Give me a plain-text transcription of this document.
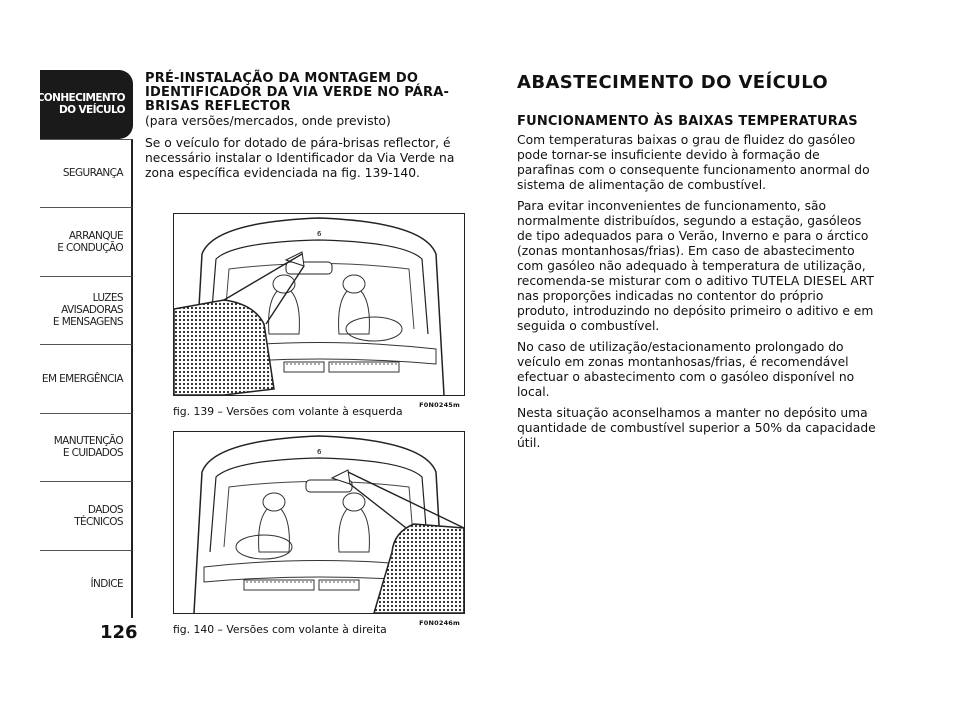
CONHECIMENTO
DO VEÍCULO
SEGURANÇA
ARRANQUE
E CONDUÇÃO
LUZES
AVISADORAS
E MENSAGENS
EM EMERGÊNCIA
MANUTENÇÃO
E CUIDADOS
DADOS
TÉCNICOS
ÍNDICE
126

PRÉ-INSTALAÇÃO DA MONTAGEM DO IDENTIFICADOR DA VIA VERDE NO PÁRA-BRISAS REFLECTOR

(para versões/mercados, onde previsto)

Se o veículo for dotado de pára-brisas reflector, é necessário instalar o Identificador da Via Verde na zona específica evidenciada na fig. 139-140.

6
F0N0245m
fig. 139 – Versões com volante à esquerda
6
F0N0246m
fig. 140 – Versões com volante à direita
ABASTECIMENTO DO VEÍCULO

FUNCIONAMENTO ÀS BAIXAS TEMPERATURAS

Com temperaturas baixas o grau de fluidez do gasóleo pode tornar-se insuficiente devido à formação de parafinas com o consequente funcionamento anormal do sistema de alimentação de combustível.

Para evitar inconvenientes de funcionamento, são normalmente distribuídos, segundo a estação, gasóleos de tipo adequados para o Verão, Inverno e para o árctico (zonas montanhosas/frias). Em caso de abastecimento com gasóleo não adequado à temperatura de utilização, recomenda-se misturar com o aditivo TUTELA DIESEL ART nas proporções indicadas no contentor do próprio produto, introduzindo no depósito primeiro o aditivo e em seguida o combustível.

No caso de utilização/estacionamento prolongado do veículo em zonas montanhosas/frias, é recomendável efectuar o abastecimento com o gasóleo disponível no local.

Nesta situação aconselhamos a manter no depósito uma quantidade de combustível superior a 50% da capacidade útil.
